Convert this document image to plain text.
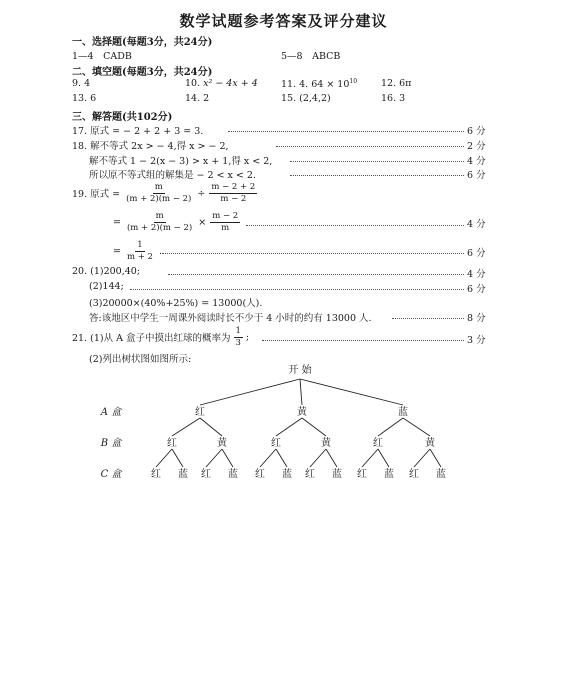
数学试题参考答案及评分建议
一、选择题(每题3分，共24分)
1—4　CADB	5—8　ABCB
二、填空题(每题3分，共24分)
9. 4	10. x² − 4x + 4 11. 4. $64 \times 10^{10}$	12. 6π
13. 6	14. 2	15. (2,4,2)	16. 3
三、解答题(共102分)
17. 原式 = − 2 + 2 + 3 = 3.	6 分
18. 解不等式 2x > − 4,得 x > − 2,	2 分
解不等式 1 − 2(x − 3) > x + 1,得 x < 2,	4 分
所以原不等式组的解集是 − 2 < x < 2.	6 分
19. 原式 = $\frac{m}{(m + 2)(m - 2)} \div \frac{m - 2 + 2}{m - 2}$
= $\frac{m}{(m + 2)(m - 2)} \times \frac{m - 2}{m}$	4 分
= $\frac{1}{m + 2}$ .	6 分
20. (1)200,40;	4 分
(2)144;	6 分
(3)20000×(40%+25%) = 13000(人).
答:该地区中学生一周课外阅读时长不少于 4 小时的约有 13000 人.	8 分
21. (1)从 A 盒子中摸出红球的概率为 $\frac{1}{3}$ ;	3 分
(2)列出树状图如图所示:
开 始
A 盒
B 盒
C 盒
红
红
红 蓝
黄
红 蓝
黄
红
红 蓝
黄
红 蓝
蓝
红
红 蓝
黄
红 蓝
